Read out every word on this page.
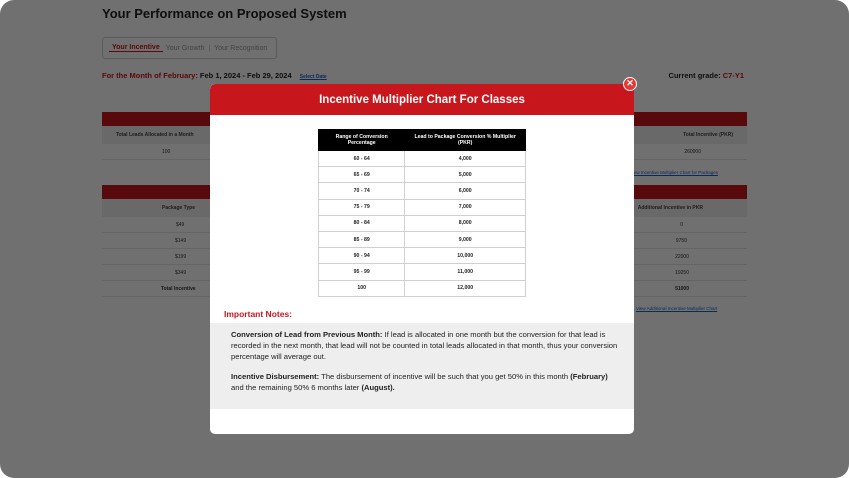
Incentive Multiplier Chart For Classes
Range of Conversion Percentage	Lead to Package Conversion % Multiplier (PKR)
60 - 64	4,000
65 - 69	5,000
70 - 74	6,000
75 - 79	7,000
80 - 84	8,000
85 - 89	9,000
90 - 94	10,000
95 - 99	11,000
100	12,000
Important Notes:

Conversion of Lead from Previous Month: If lead is allocated in one month but the conversion for that lead is recorded in the next month, that lead will not be counted in total leads allocated in that month, thus your conversion percentage will average out.

Incentive Disbursement: The disbursement of incentive will be such that you get 50% in this month (February) and the remaining 50% 6 months later (August).

✕
